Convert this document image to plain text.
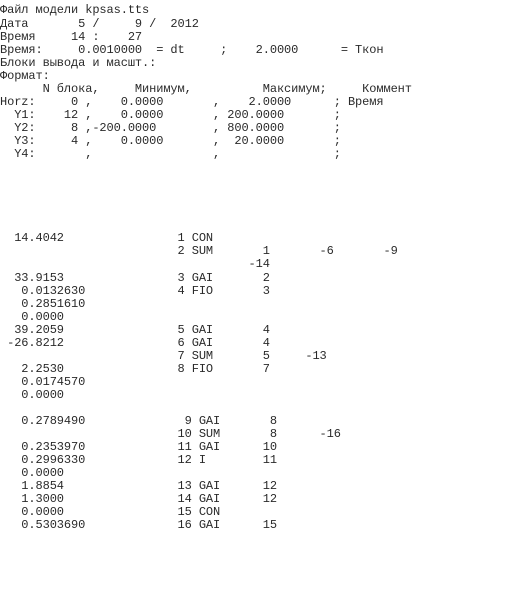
Файл модели kpsas.tts
Дата       5 /     9 /  2012
Время     14 :    27
Время:     0.0010000  = dt     ;    2.0000      = Ткон
Блоки вывода и масшт.:
Формат:
N блока,     Минимум,          Максимум;     Коммент
Horz:     0 ,    0.0000       ,    2.0000      ; Время
Y1:    12 ,    0.0000       , 200.0000       ;
Y2:     8 ,-200.0000        , 800.0000       ;
Y3:     4 ,    0.0000       ,  20.0000       ;
Y4:       ,                 ,                ;
14.4042                1 CON
2 SUM       1       -6       -9
-14
33.9153                3 GAI       2
0.0132630             4 FIO       3
0.2851610
0.0000
39.2059                5 GAI       4
-26.8212                6 GAI       4
7 SUM       5     -13
2.2530                8 FIO       7
0.0174570
0.0000
0.2789490              9 GAI       8
10 SUM       8      -16
0.2353970             11 GAI      10
0.2996330             12 I        11
0.0000
1.8854                13 GAI      12
1.3000                14 GAI      12
0.0000                15 CON
0.5303690             16 GAI      15
